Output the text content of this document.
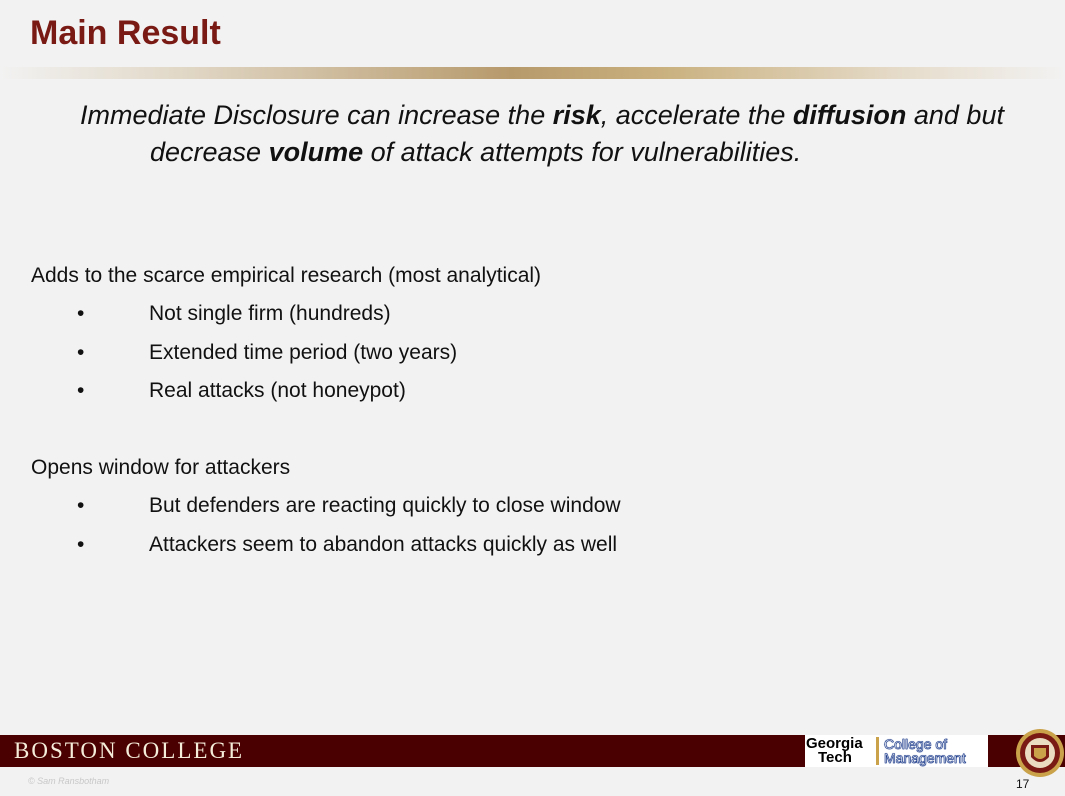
Main Result

Immediate Disclosure can increase the risk, accelerate the diffusion and but decrease volume of attack attempts for vulnerabilities.

Adds to the scarce empirical research (most analytical)

•	Not single firm (hundreds)
•	Extended time period (two years)
•	Real attacks (not honeypot)

Opens window for attackers

•	But defenders are reacting quickly to close window
•	Attackers seem to abandon attacks quickly as well
BOSTON COLLEGE	Georgia
Tech
College of
Management
© Sam Ransbotham	17
